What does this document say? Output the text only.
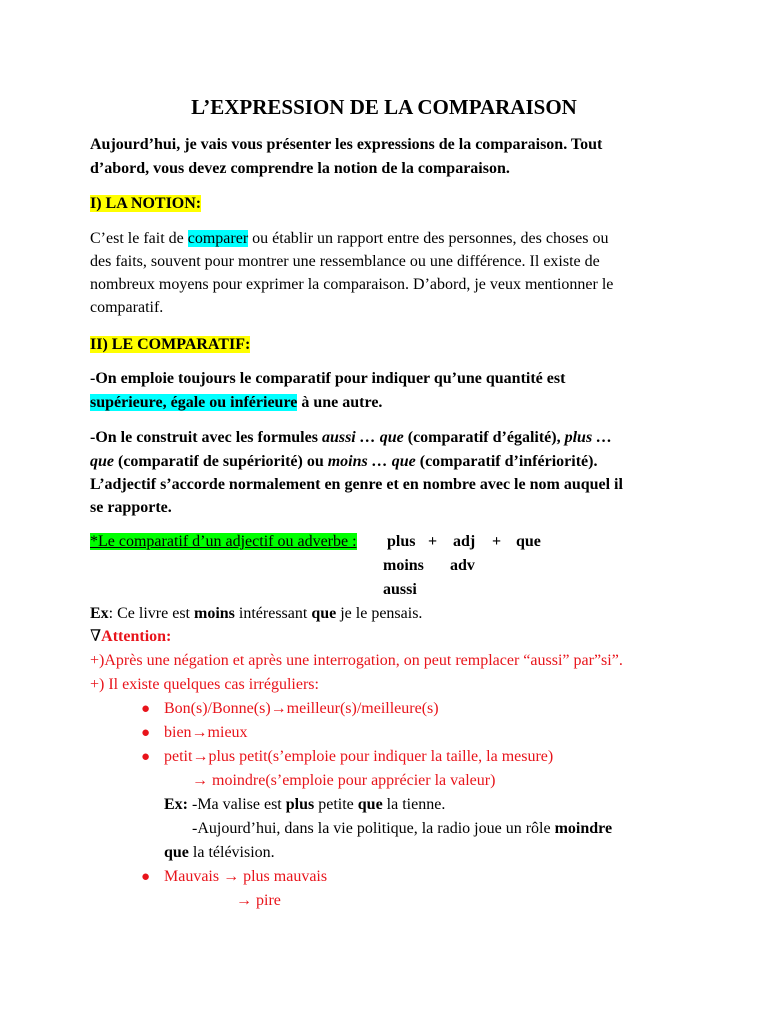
L’EXPRESSION DE LA COMPARAISON
Aujourd’hui, je vais vous présenter les expressions de la comparaison. Tout
d’abord, vous devez comprendre la notion de la comparaison.
I) LA NOTION:
C’est le fait de comparer ou établir un rapport entre des personnes, des choses ou
des faits, souvent pour montrer une ressemblance ou une différence. Il existe de
nombreux moyens pour exprimer la comparaison. D’abord, je veux mentionner le
comparatif.
II) LE COMPARATIF:
-On emploie toujours le comparatif pour indiquer qu’une quantité est
supérieure, égale ou inférieure à une autre.
-On le construit avec les formules aussi … que (comparatif d’égalité), plus …
que (comparatif de supériorité) ou moins … que (comparatif d’infériorité).
L’adjectif s’accorde normalement en genre et en nombre avec le nom auquel il
se rapporte.
*Le comparatif d’un adjectif ou adverbe : plus + adj + que
moins adv
aussi
Ex: Ce livre est moins intéressant que je le pensais.
∇Attention:
+)Après une négation et après une interrogation, on peut remplacer “aussi” par”si”.
+) Il existe quelques cas irréguliers:
● Bon(s)/Bonne(s)→meilleur(s)/meilleure(s)
● bien→mieux
● petit→plus petit(s’emploie pour indiquer la taille, la mesure)
→ moindre(s’emploie pour apprécier la valeur)
Ex: -Ma valise est plus petite que la tienne.
-Aujourd’hui, dans la vie politique, la radio joue un rôle moindre
que la télévision.
● Mauvais → plus mauvais
→ pire
